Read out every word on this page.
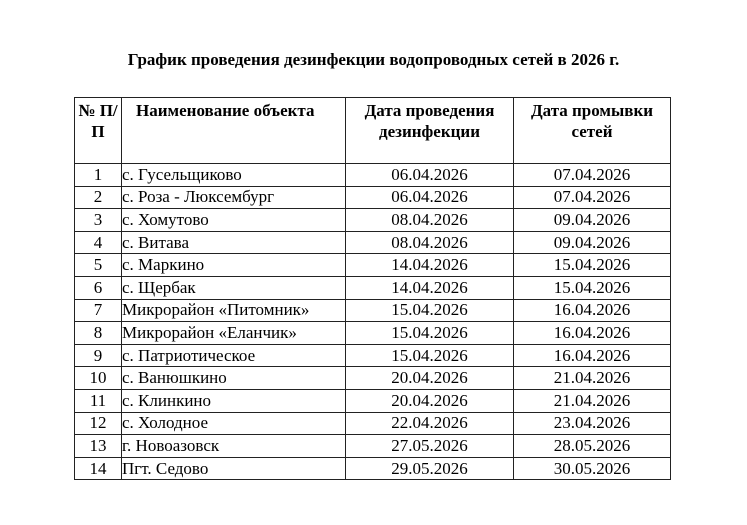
График проведения дезинфекции водопроводных сетей в 2026 г.
№ П/П	Наименование объекта	Дата проведения дезинфекции	Дата промывки сетей
1	с. Гусельщиково	06.04.2026	07.04.2026
2	с. Роза - Люксембург	06.04.2026	07.04.2026
3	с. Хомутово	08.04.2026	09.04.2026
4	с. Витава	08.04.2026	09.04.2026
5	с. Маркино	14.04.2026	15.04.2026
6	с. Щербак	14.04.2026	15.04.2026
7	Микрорайон «Питомник»	15.04.2026	16.04.2026
8	Микрорайон «Еланчик»	15.04.2026	16.04.2026
9	с. Патриотическое	15.04.2026	16.04.2026
10	с. Ванюшкино	20.04.2026	21.04.2026
11	с. Клинкино	20.04.2026	21.04.2026
12	с. Холодное	22.04.2026	23.04.2026
13	г. Новоазовск	27.05.2026	28.05.2026
14	Пгт. Седово	29.05.2026	30.05.2026
